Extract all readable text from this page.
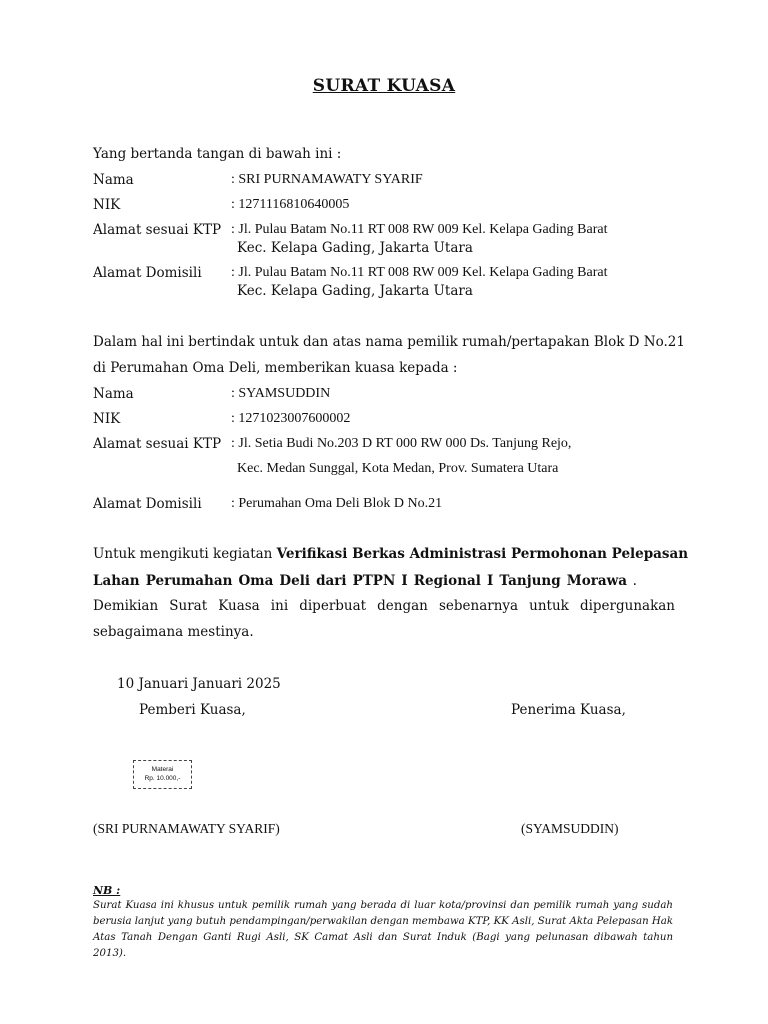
SURAT KUASA
Yang bertanda tangan di bawah ini :
Nama	: SRI PURNAMAWATY SYARIF
NIK	: 1271116810640005
Alamat sesuai KTP : Jl. Pulau Batam No.11 RT 008 RW 009 Kel. Kelapa Gading Barat
Kec. Kelapa Gading, Jakarta Utara
Alamat Domisili : Jl. Pulau Batam No.11 RT 008 RW 009 Kel. Kelapa Gading Barat
Kec. Kelapa Gading, Jakarta Utara
Dalam hal ini bertindak untuk dan atas nama pemilik rumah/pertapakan Blok D No.21
di Perumahan Oma Deli, memberikan kuasa kepada :
Nama	: SYAMSUDDIN
NIK	: 1271023007600002
Alamat sesuai KTP : Jl. Setia Budi No.203 D RT 000 RW 000 Ds. Tanjung Rejo,
Kec. Medan Sunggal, Kota Medan, Prov. Sumatera Utara
Alamat Domisili : Perumahan Oma Deli Blok D No.21
Untuk mengikuti kegiatan Verifikasi Berkas Administrasi Permohonan Pelepasan
Lahan Perumahan Oma Deli dari PTPN I Regional I Tanjung Morawa .
Demikian Surat Kuasa ini diperbuat dengan sebenarnya untuk dipergunakan
sebagaimana mestinya.
10 Januari Januari 2025
Pemberi Kuasa,	Penerima Kuasa,
Materai
Rp. 10.000,-
(SRI PURNAMAWATY SYARIF)	(SYAMSUDDIN)
NB :
Surat Kuasa ini khusus untuk pemilik rumah yang berada di luar kota/provinsi dan pemilik rumah yang sudah berusia lanjut yang butuh pendampingan/perwakilan dengan membawa KTP, KK Asli, Surat Akta Pelepasan Hak Atas Tanah Dengan Ganti Rugi Asli, SK Camat Asli dan Surat Induk (Bagi yang pelunasan dibawah tahun 2013).
